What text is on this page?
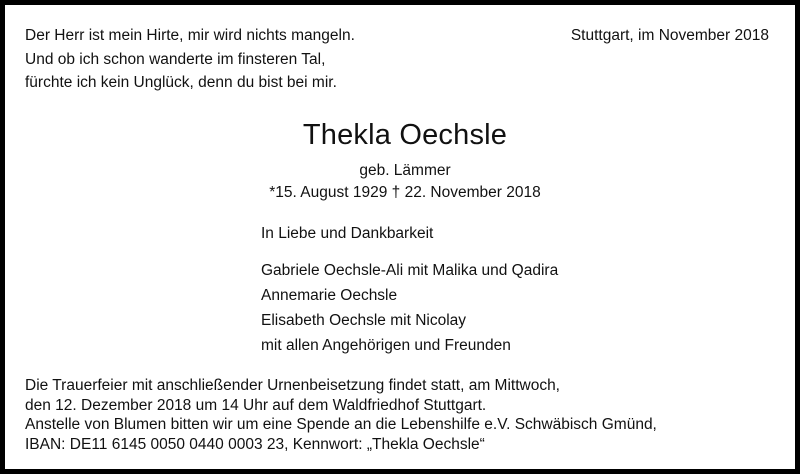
Der Herr ist mein Hirte, mir wird nichts mangeln.
Und ob ich schon wanderte im finsteren Tal,
fürchte ich kein Unglück, denn du bist bei mir.
Stuttgart, im November 2018
Thekla Oechsle
geb. Lämmer
*15. August 1929 † 22. November 2018
In Liebe und Dankbarkeit
Gabriele Oechsle-Ali mit Malika und Qadira
Annemarie Oechsle
Elisabeth Oechsle mit Nicolay
mit allen Angehörigen und Freunden
Die Trauerfeier mit anschließender Urnenbeisetzung findet statt, am Mittwoch,
den 12. Dezember 2018 um 14 Uhr auf dem Waldfriedhof Stuttgart.
Anstelle von Blumen bitten wir um eine Spende an die Lebenshilfe e.V. Schwäbisch Gmünd,
IBAN: DE11 6145 0050 0440 0003 23, Kennwort: „Thekla Oechsle“
